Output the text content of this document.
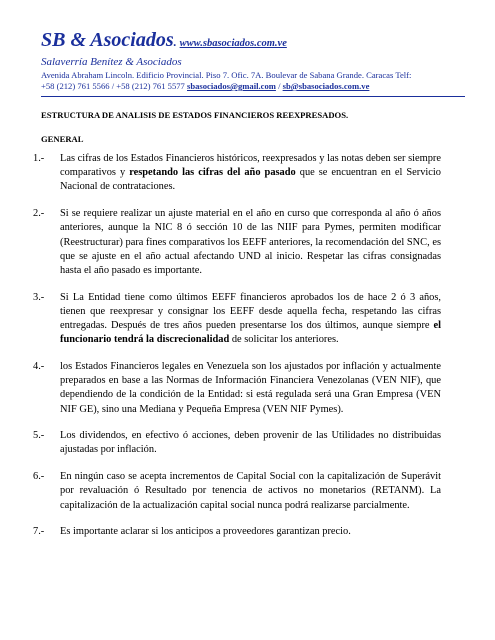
SB & Asociados. www.sbasociados.com.ve
Salaverría Benítez & Asociados
Avenida Abraham Lincoln. Edificio Provincial. Piso 7. Ofic. 7A. Boulevar de Sabana Grande. Caracas Telf:
+58 (212) 761 5566 / +58 (212) 761 5577 sbasociados@gmail.com / sb@sbasociados.com.ve
ESTRUCTURA DE ANALISIS DE ESTADOS FINANCIEROS REEXPRESADOS.
GENERAL
1.- Las cifras de los Estados Financieros históricos, reexpresados y las notas deben ser siempre comparativos y respetando las cifras del año pasado que se encuentran en el Servicio Nacional de contrataciones.
2.- Si se requiere realizar un ajuste material en el año en curso que corresponda al año ó años anteriores, aunque la NIC 8 ó sección 10 de las NIIF para Pymes, permiten modificar (Reestructurar) para fines comparativos los EEFF anteriores, la recomendación del SNC, es que se ajuste en el año actual afectando UND al inicio. Respetar las cifras consignadas hasta el año pasado es importante.
3.- Si La Entidad tiene como últimos EEFF financieros aprobados los de hace 2 ó 3 años, tienen que reexpresar y consignar los EEFF desde aquella fecha, respetando las cifras entregadas. Después de tres años pueden presentarse los dos últimos, aunque siempre el funcionario tendrá la discrecionalidad de solicitar los anteriores.
4.- los Estados Financieros legales en Venezuela son los ajustados por inflación y actualmente preparados en base a las Normas de Información Financiera Venezolanas (VEN NIF), que dependiendo de la condición de la Entidad: si está regulada será una Gran Empresa (VEN NIF GE), sino una Mediana y Pequeña Empresa (VEN NIF Pymes).
5.- Los dividendos, en efectivo ó acciones, deben provenir de las Utilidades no distribuidas ajustadas por inflación.
6.- En ningún caso se acepta incrementos de Capital Social con la capitalización de Superávit por revaluación ó Resultado por tenencia de activos no monetarios (RETANM). La capitalización de la actualización capital social nunca podrá realizarse parcialmente.
7.- Es importante aclarar si los anticipos a proveedores garantizan precio.
